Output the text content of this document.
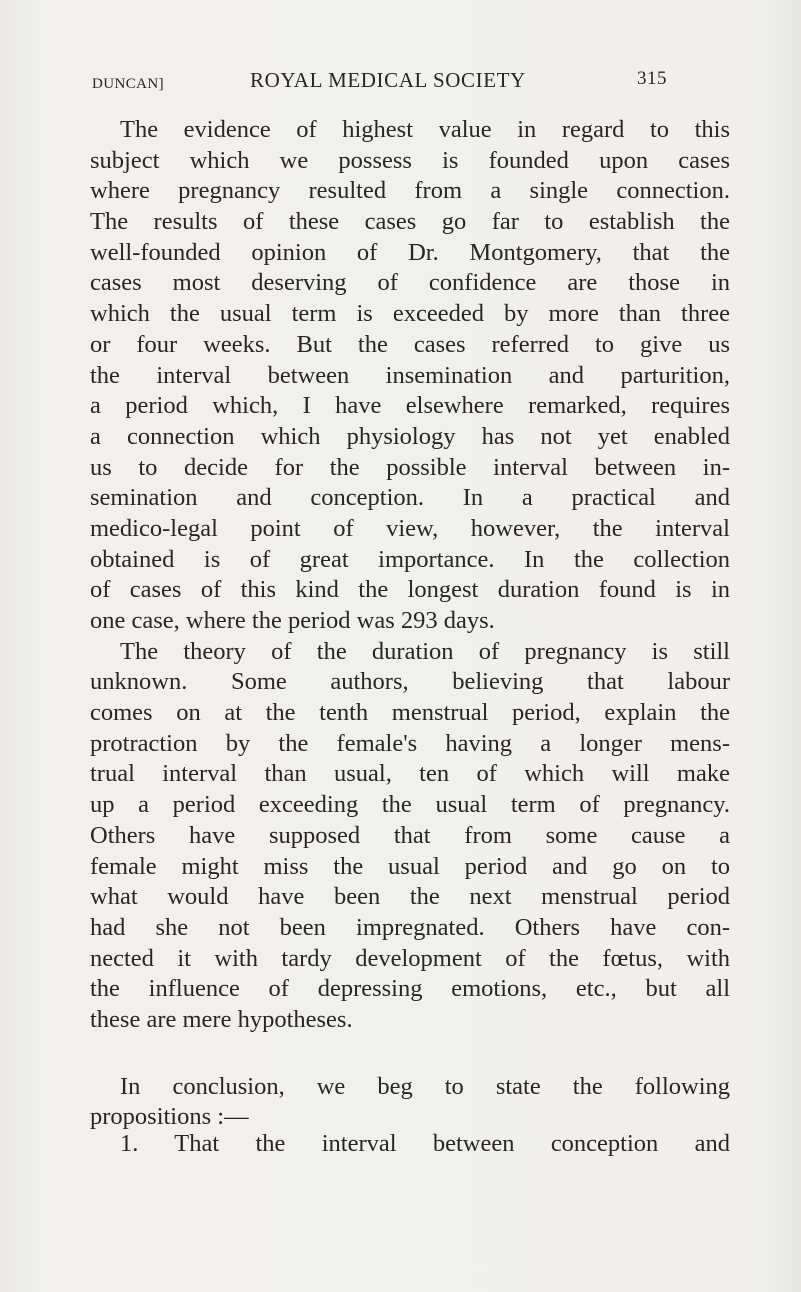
DUNCAN]	ROYAL MEDICAL SOCIETY	315
The evidence of highest value in regard to this
subject which we possess is founded upon cases
where pregnancy resulted from a single connection.
The results of these cases go far to establish the
well-founded opinion of Dr. Montgomery, that the
cases most deserving of confidence are those in
which the usual term is exceeded by more than three
or four weeks. But the cases referred to give us
the interval between insemination and parturition,
a period which, I have elsewhere remarked, requires
a connection which physiology has not yet enabled
us to decide for the possible interval between in-
semination and conception. In a practical and
medico-legal point of view, however, the interval
obtained is of great importance. In the collection
of cases of this kind the longest duration found is in
one case, where the period was 293 days.
The theory of the duration of pregnancy is still
unknown. Some authors, believing that labour
comes on at the tenth menstrual period, explain the
protraction by the female's having a longer mens-
trual interval than usual, ten of which will make
up a period exceeding the usual term of pregnancy.
Others have supposed that from some cause a
female might miss the usual period and go on to
what would have been the next menstrual period
had she not been impregnated. Others have con-
nected it with tardy development of the fœtus, with
the influence of depressing emotions, etc., but all
these are mere hypotheses.
In conclusion, we beg to state the following
propositions :—
1. That the interval between conception and
